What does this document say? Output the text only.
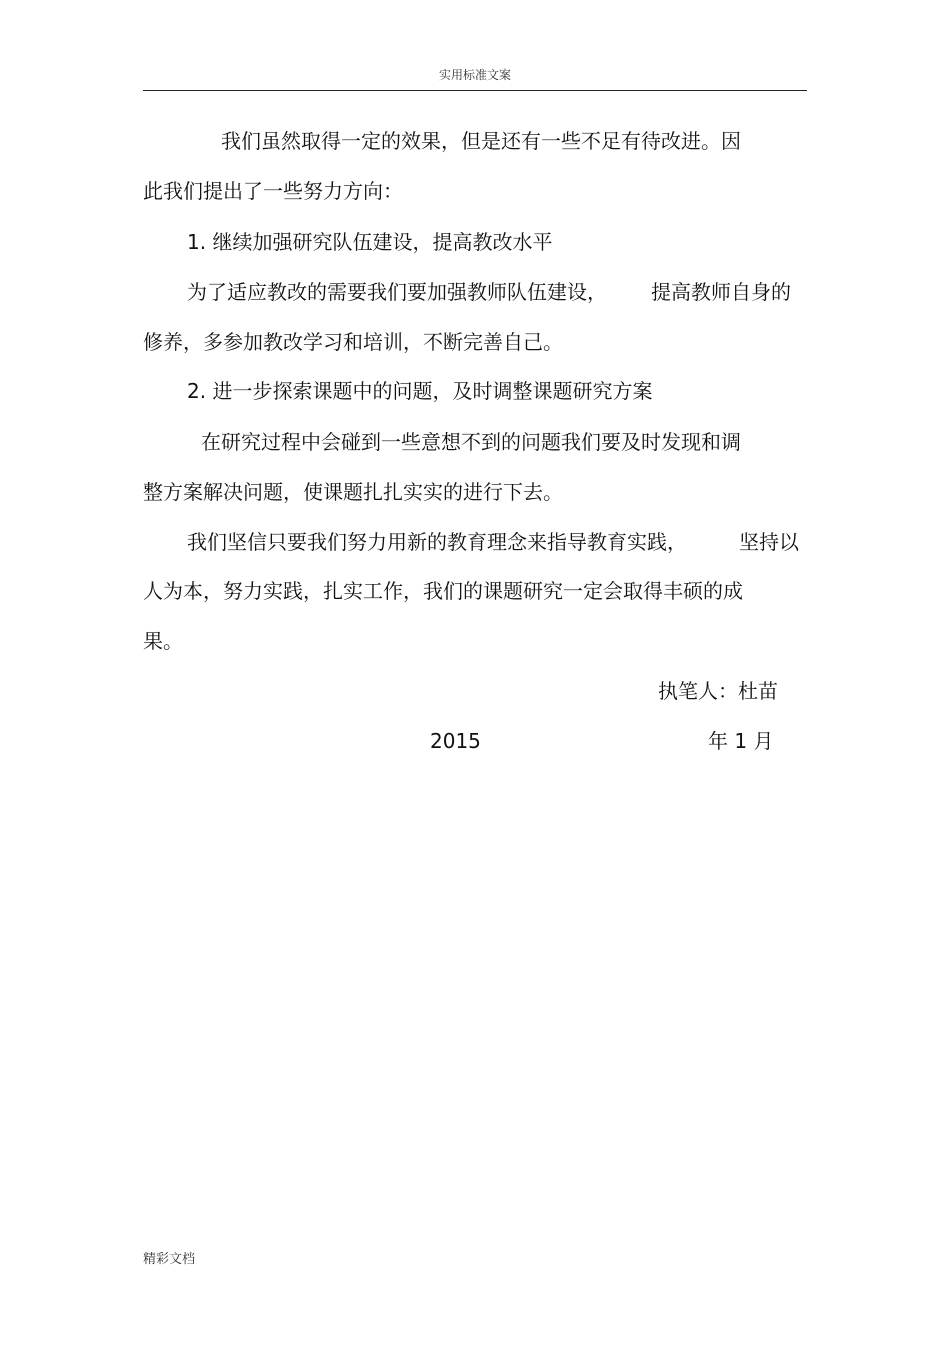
实用标准文案
我们虽然取得一定的效果，但是还有一些不足有待改进。因
此我们提出了一些努力方向：
1. 继续加强研究队伍建设，提高教改水平
为了适应教改的需要我们要加强教师队伍建设， 提高教师自身的
修养，多参加教改学习和培训，不断完善自己。
2. 进一步探索课题中的问题，及时调整课题研究方案
在研究过程中会碰到一些意想不到的问题我们要及时发现和调
整方案解决问题，使课题扎扎实实的进行下去。
我们坚信只要我们努力用新的教育理念来指导教育实践，	坚持以
人为本，努力实践，扎实工作，我们的课题研究一定会取得丰硕的成
果。
执笔人：杜苗
2015	年 1 月
精彩文档
